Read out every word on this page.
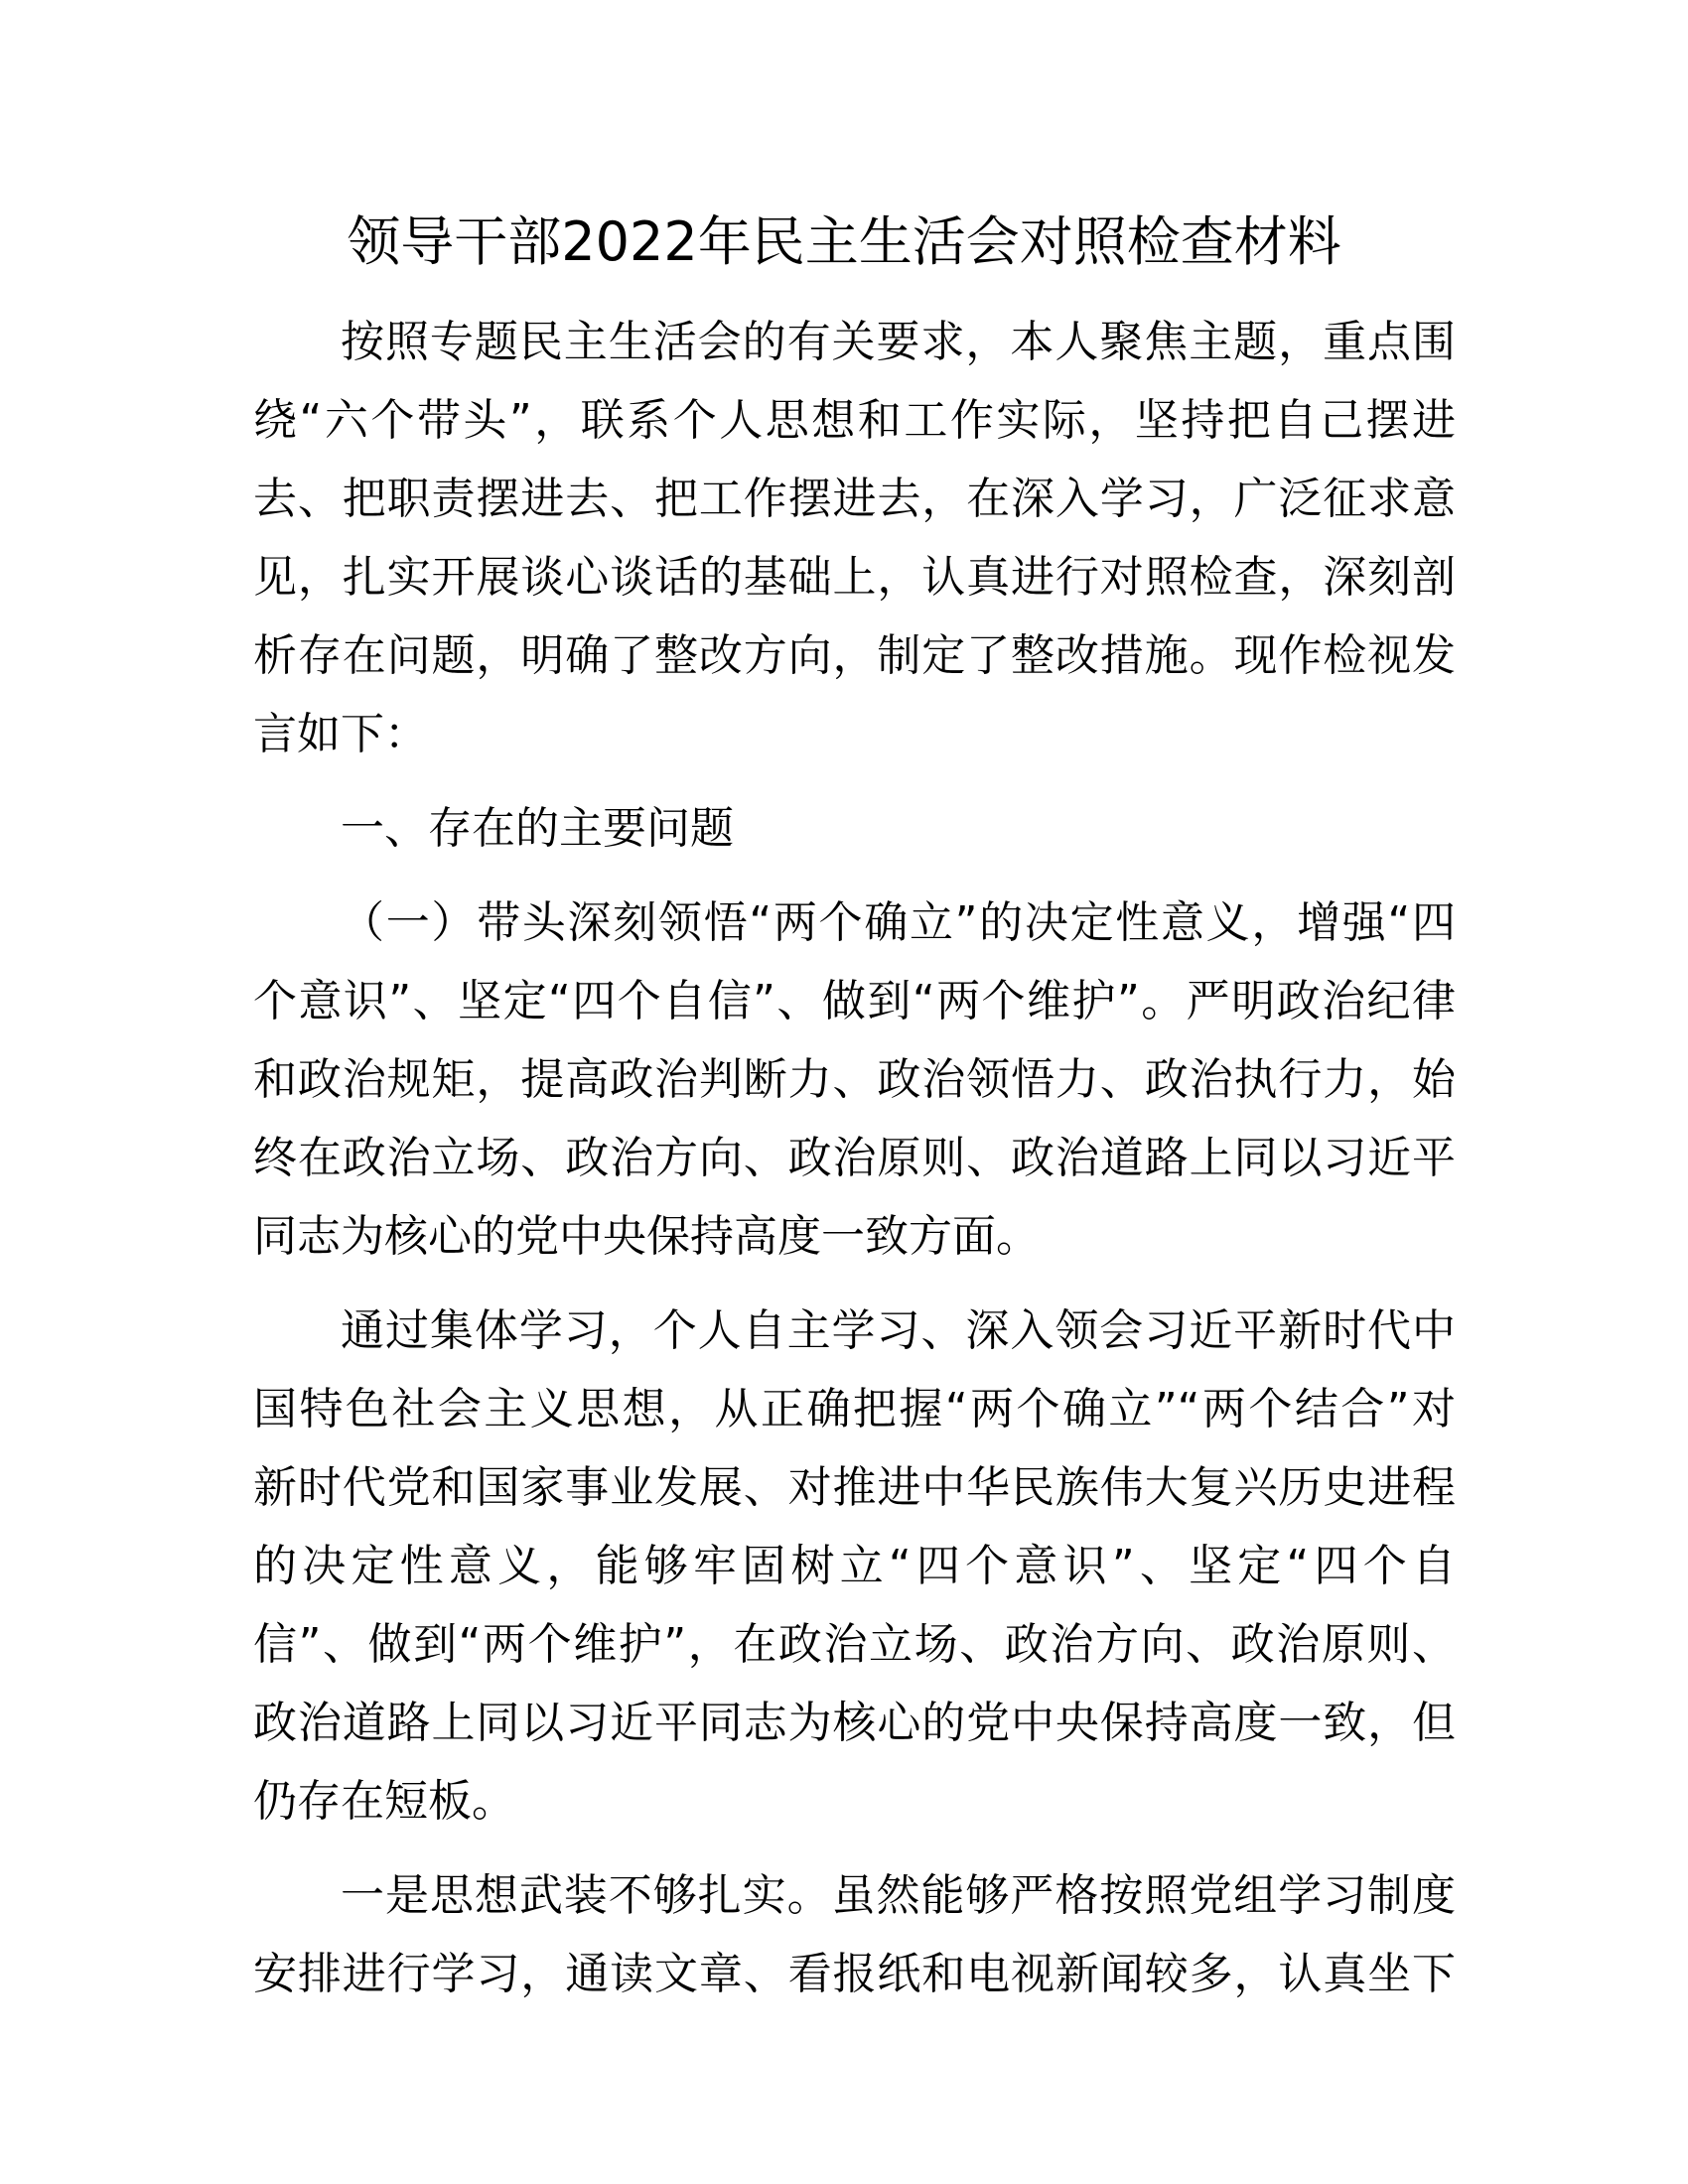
领导干部2022年民主生活会对照检查材料
按照专题民主生活会的有关要求，本人聚焦主题，重点围
绕“六个带头”，联系个人思想和工作实际，坚持把自己摆进
去、把职责摆进去、把工作摆进去，在深入学习，广泛征求意
见，扎实开展谈心谈话的基础上，认真进行对照检查，深刻剖
析存在问题，明确了整改方向，制定了整改措施。现作检视发
言如下：
一、存在的主要问题
（一）带头深刻领悟“两个确立”的决定性意义，增强“四
个意识”、坚定“四个自信”、做到“两个维护”。严明政治纪律
和政治规矩，提高政治判断力、政治领悟力、政治执行力，始
终在政治立场、政治方向、政治原则、政治道路上同以习近平
同志为核心的党中央保持高度一致方面。
通过集体学习，个人自主学习、深入领会习近平新时代中
国特色社会主义思想，从正确把握“两个确立”“两个结合”对
新时代党和国家事业发展、对推进中华民族伟大复兴历史进程
的决定性意义，能够牢固树立“四个意识”、坚定“四个自
信”、做到“两个维护”，在政治立场、政治方向、政治原则、
政治道路上同以习近平同志为核心的党中央保持高度一致，但
仍存在短板。
一是思想武装不够扎实。虽然能够严格按照党组学习制度
安排进行学习，通读文章、看报纸和电视新闻较多，认真坐下
